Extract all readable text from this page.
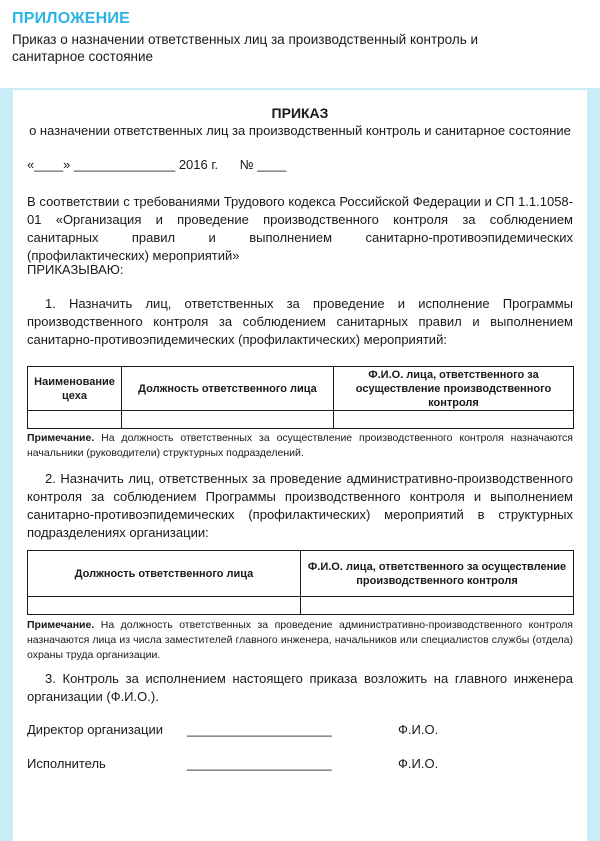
ПРИЛОЖЕНИЕ
Приказ о назначении ответственных лиц за производственный контроль и санитарное состояние
ПРИКАЗ
о назначении ответственных лиц за производственный контроль и санитарное состояние
«____» ______________ 2016 г.      № ____
В соответствии с требованиями Трудового кодекса Российской Федерации и СП 1.1.1058-01 «Организация и проведение производственного контроля за соблюдением санитарных правил и выполнением санитарно-противоэпидемических (профилактических) мероприятий»
ПРИКАЗЫВАЮ:
1. Назначить лиц, ответственных за проведение и исполнение Программы производственного контроля за соблюдением санитарных правил и выполнением санитарно-противоэпидемических (профилактических) мероприятий:
Наименование цеха	Должность ответственного лица	Ф.И.О. лица, ответственного за осуществление производственного контроля

Примечание. На должность ответственных за осуществление производственного контроля назначаются начальники (руководители) структурных подразделений.
2. Назначить лиц, ответственных за проведение административно-производственного контроля за соблюдением Программы производственного контроля и выполнением санитарно-противоэпидемических (профилактических) мероприятий в структурных подразделениях организации:
Должность ответственного лица	Ф.И.О. лица, ответственного за осуществление производственного контроля

Примечание. На должность ответственных за проведение административно-производственного контроля назначаются лица из числа заместителей главного инженера, начальников или специалистов службы (отдела) охраны труда организации.
3. Контроль за исполнением настоящего приказа возложить на главного инженера организации (Ф.И.О.).
Директор организации ____________________	Ф.И.О.
Исполнитель	____________________	Ф.И.О.
